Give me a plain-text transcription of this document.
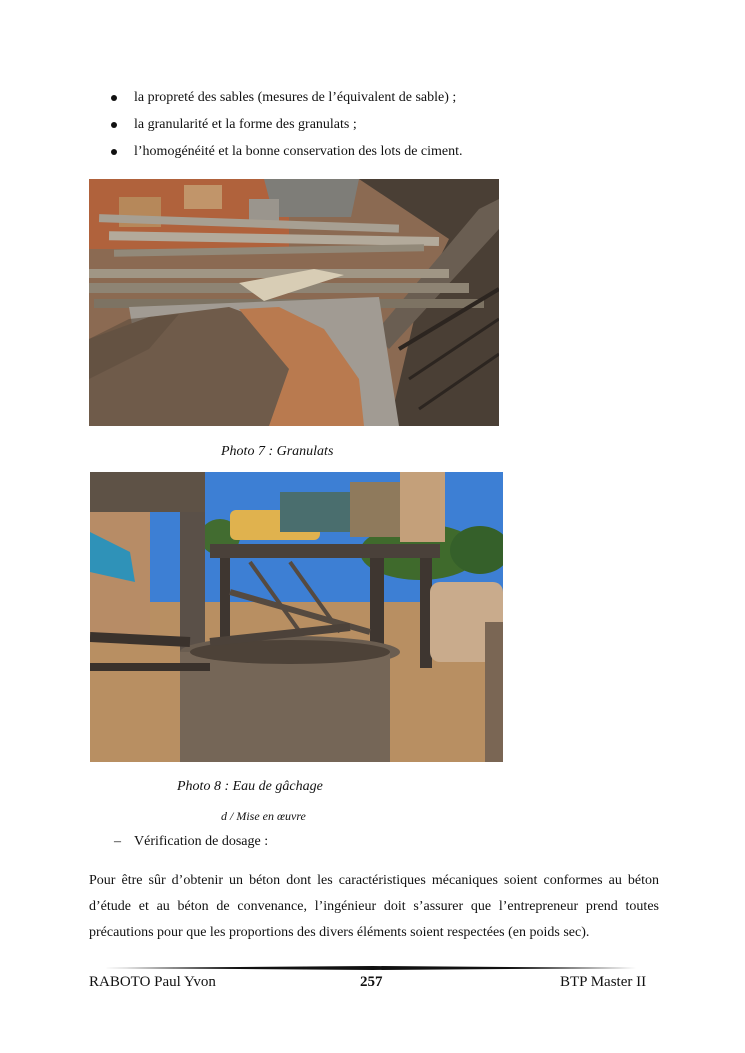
la propreté des sables (mesures de l’équivalent de sable) ;
la granularité et la forme des granulats ;
l’homogénéité et la bonne conservation des lots de ciment.
Photo 7 : Granulats
Photo 8 : Eau de gâchage
d / Mise en œuvre
– Vérification de dosage :

Pour être sûr d’obtenir un béton dont les caractéristiques mécaniques soient conformes au béton d’étude et au béton de convenance, l’ingénieur doit s’assurer que l’entrepreneur prend toutes précautions pour que les proportions des divers éléments soient respectées (en poids sec).

RABOTO Paul Yvon	257	BTP Master II
